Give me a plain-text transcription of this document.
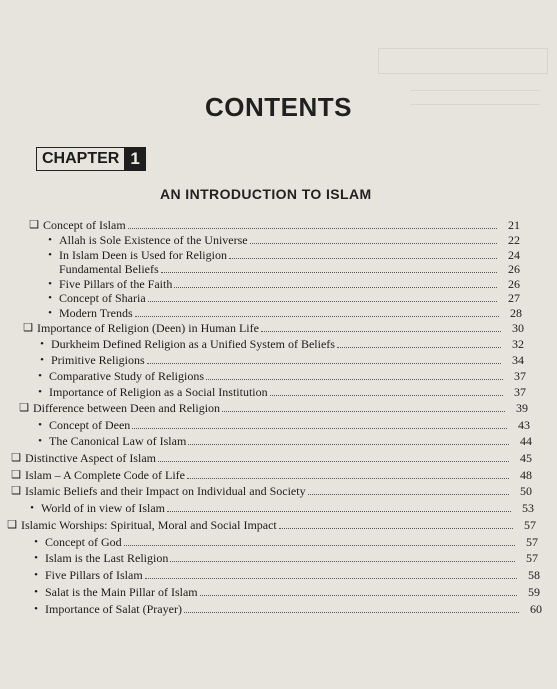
CONTENTS
CHAPTER 1
AN INTRODUCTION TO ISLAM
❑ Concept of Islam	21
• Allah is Sole Existence of the Universe	22
• In Islam Deen is Used for Religion	24
Fundamental Beliefs	26
• Five Pillars of the Faith	26
• Concept of Sharia	27
• Modern Trends	28
❑ Importance of Religion (Deen) in Human Life	30
• Durkheim Defined Religion as a Unified System of Beliefs	32
• Primitive Religions	34
• Comparative Study of Religions	37
• Importance of Religion as a Social Institution	37
❑ Difference between Deen and Religion	39
• Concept of Deen	43
• The Canonical Law of Islam	44
❑ Distinctive Aspect of Islam	45
❑ Islam – A Complete Code of Life	48
❑ Islamic Beliefs and their Impact on Individual and Society	50
• World of in view of Islam	53
❑ Islamic Worships: Spiritual, Moral and Social Impact	57
• Concept of God	57
• Islam is the Last Religion	57
• Five Pillars of Islam	58
• Salat is the Main Pillar of Islam	59
• Importance of Salat (Prayer)	60
